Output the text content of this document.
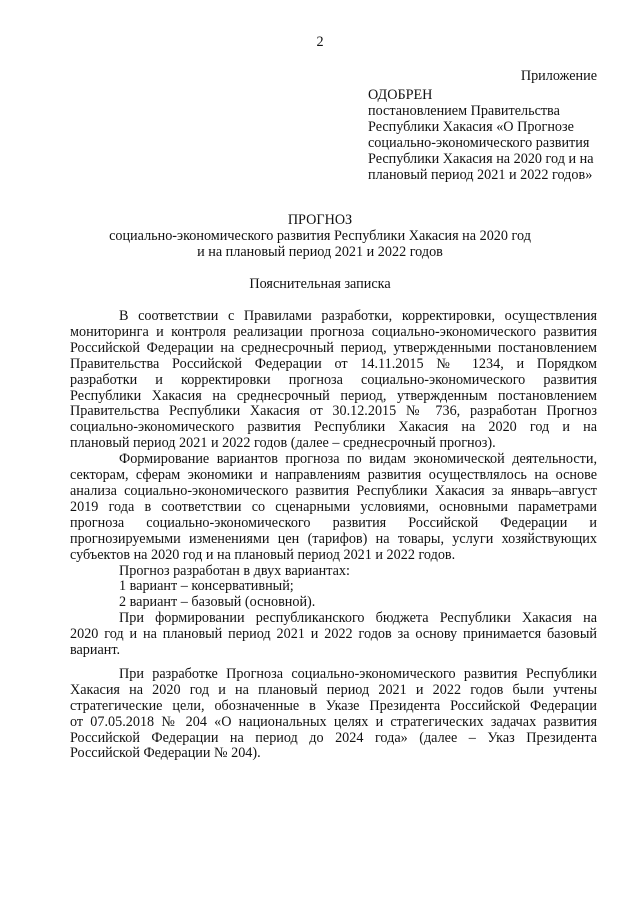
2
Приложение
ОДОБРЕН
постановлением Правительства
Республики Хакасия «О Прогнозе
социально-экономического развития
Республики Хакасия на 2020 год и на
плановый период 2021 и 2022 годов»
ПРОГНОЗ
социально-экономического развития Республики Хакасия на 2020 год
и на плановый период 2021 и 2022 годов
Пояснительная записка
В соответствии с Правилами разработки, корректировки, осуществления
мониторинга и контроля реализации прогноза социально-экономического развития
Российской Федерации на среднесрочный период, утвержденными постановлением
Правительства Российской Федерации от 14.11.2015 № 1234, и Порядком
разработки и корректировки прогноза социально-экономического развития
Республики Хакасия на среднесрочный период, утвержденным постановлением
Правительства Республики Хакасия от 30.12.2015 № 736, разработан Прогноз
социально-экономического развития Республики Хакасия на 2020 год и на
плановый период 2021 и 2022 годов (далее – среднесрочный прогноз).
Формирование вариантов прогноза по видам экономической деятельности,
секторам, сферам экономики и направлениям развития осуществлялось на основе
анализа социально-экономического развития Республики Хакасия за январь–август
2019 года в соответствии со сценарными условиями, основными параметрами
прогноза социально-экономического развития Российской Федерации и
прогнозируемыми изменениями цен (тарифов) на товары, услуги хозяйствующих
субъектов на 2020 год и на плановый период 2021 и 2022 годов.
Прогноз разработан в двух вариантах:
1 вариант – консервативный;
2 вариант – базовый (основной).
При формировании республиканского бюджета Республики Хакасия на
2020 год и на плановый период 2021 и 2022 годов за основу принимается базовый
вариант.
При разработке Прогноза социально-экономического развития Республики
Хакасия на 2020 год и на плановый период 2021 и 2022 годов были учтены
стратегические цели, обозначенные в Указе Президента Российской Федерации
от 07.05.2018 № 204 «О национальных целях и стратегических задачах развития
Российской Федерации на период до 2024 года» (далее – Указ Президента
Российской Федерации № 204).
